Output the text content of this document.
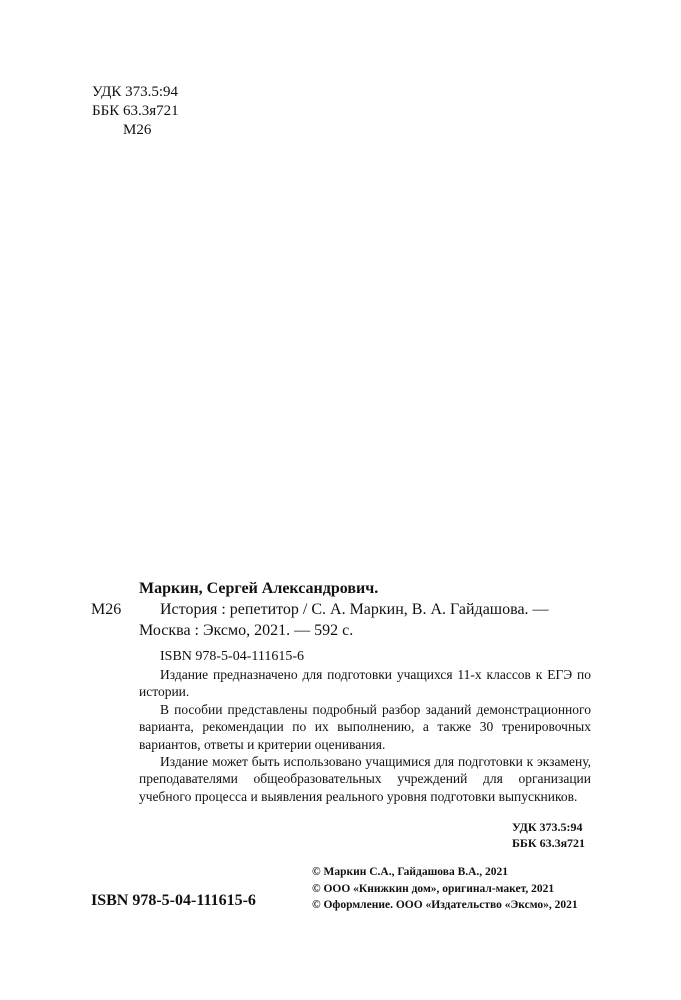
УДК 373.5:94
ББК 63.3я721
М26
М26
Маркин, Сергей Александрович.
История : репетитор / С. А. Маркин, В. А. Гайдашова. —
Москва : Эксмо, 2021. — 592 с.
ISBN 978-5-04-111615-6

Издание предназначено для подготовки учащихся 11-х классов к ЕГЭ по истории.

В пособии представлены подробный разбор заданий демонстрационного варианта, рекомендации по их выполнению, а также 30 тренировочных вариантов, ответы и критерии оценивания.

Издание может быть использовано учащимися для подготовки к экзамену, преподавателями общеобразовательных учреждений для организации учебного процесса и выявления реального уровня подготовки выпускников.

УДК 373.5:94
ББК 63.3я721
ISBN 978-5-04-111615-6
© Маркин С.А., Гайдашова В.А., 2021
© ООО «Книжкин дом», оригинал-макет, 2021
© Оформление. ООО «Издательство «Эксмо», 2021
